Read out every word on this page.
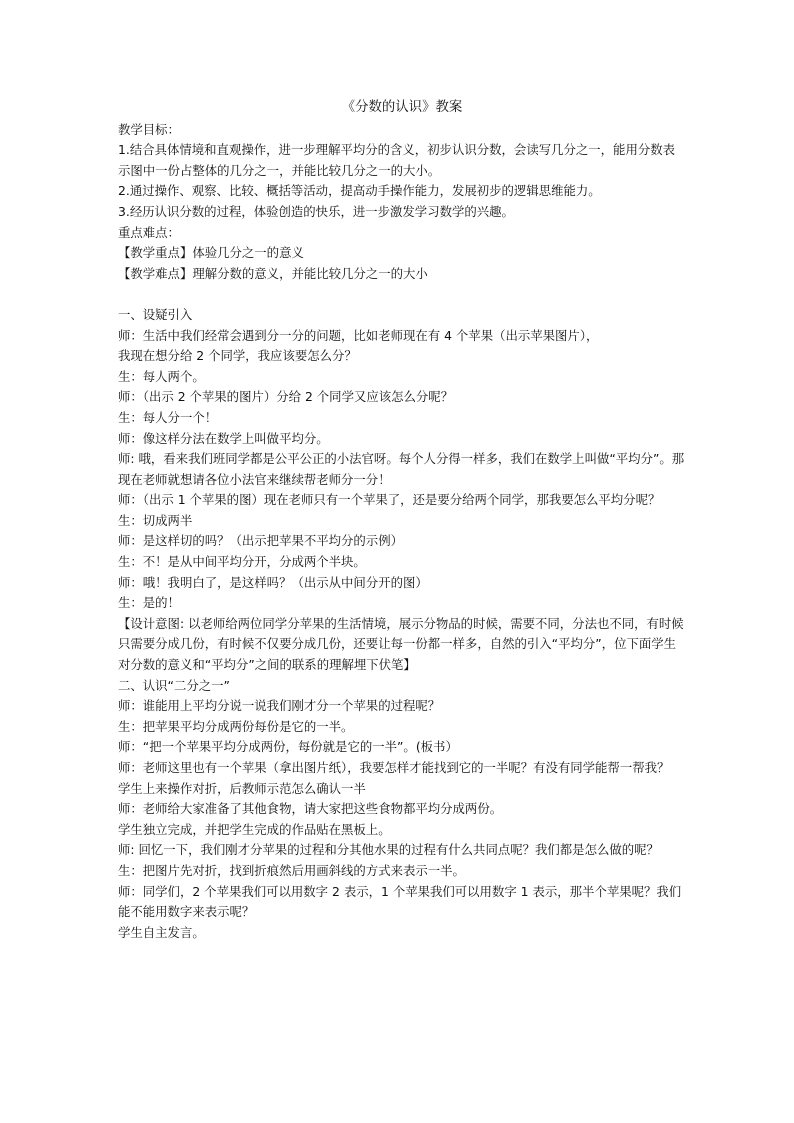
《分数的认识》教案

教学目标：

1.结合具体情境和直观操作，进一步理解平均分的含义，初步认识分数，会读写几分之一，能用分数表示图中一份占整体的几分之一，并能比较几分之一的大小。

2.通过操作、观察、比较、概括等活动，提高动手操作能力，发展初步的逻辑思维能力。

3.经历认识分数的过程，体验创造的快乐，进一步激发学习数学的兴趣。

重点难点：

【教学重点】体验几分之一的意义

【教学难点】理解分数的意义，并能比较几分之一的大小

一、设疑引入

师：生活中我们经常会遇到分一分的问题，比如老师现在有 4 个苹果（出示苹果图片），

我现在想分给 2 个同学，我应该要怎么分？

生：每人两个。

师：（出示 2 个苹果的图片）分给 2 个同学又应该怎么分呢？

生：每人分一个！

师：像这样分法在数学上叫做平均分。

师: 哦，看来我们班同学都是公平公正的小法官呀。每个人分得一样多，我们在数学上叫做“平均分”。那现在老师就想请各位小法官来继续帮老师分一分！

师：（出示 1 个苹果的图）现在老师只有一个苹果了，还是要分给两个同学，那我要怎么平均分呢？

生：切成两半

师：是这样切的吗？（出示把苹果不平均分的示例）

生：不！是从中间平均分开，分成两个半块。

师：哦！我明白了，是这样吗？（出示从中间分开的图）

生：是的！

【设计意图: 以老师给两位同学分苹果的生活情境，展示分物品的时候，需要不同，分法也不同，有时候只需要分成几份，有时候不仅要分成几份，还要让每一份都一样多，自然的引入“平均分”，位下面学生对分数的意义和“平均分”之间的联系的理解埋下伏笔】

二、认识“二分之一”

师：谁能用上平均分说一说我们刚才分一个苹果的过程呢？

生：把苹果平均分成两份每份是它的一半。

师：“把一个苹果平均分成两份，每份就是它的一半”。(板书）

师：老师这里也有一个苹果（拿出图片纸），我要怎样才能找到它的一半呢？有没有同学能帮一帮我？

学生上来操作对折，后教师示范怎么确认一半

师：老师给大家准备了其他食物，请大家把这些食物都平均分成两份。

学生独立完成，并把学生完成的作品贴在黑板上。

师: 回忆一下，我们刚才分苹果的过程和分其他水果的过程有什么共同点呢？我们都是怎么做的呢？

生：把图片先对折，找到折痕然后用画斜线的方式来表示一半。

师：同学们，2 个苹果我们可以用数字 2 表示，1 个苹果我们可以用数字 1 表示，那半个苹果呢？我们能不能用数字来表示呢？

学生自主发言。
